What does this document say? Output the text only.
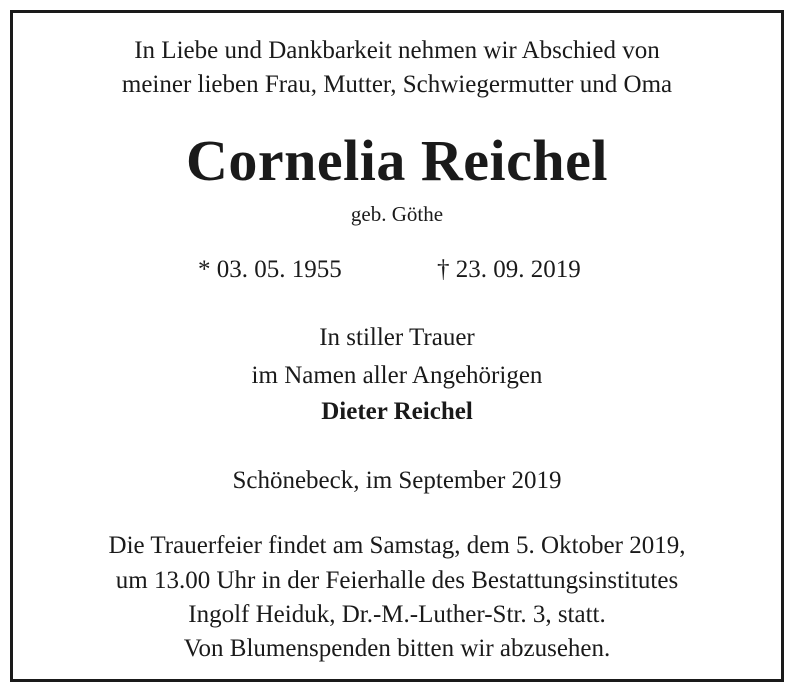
In Liebe und Dankbarkeit nehmen wir Abschied von
meiner lieben Frau, Mutter, Schwiegermutter und Oma
Cornelia Reichel
geb. Göthe
* 03. 05. 1955	† 23. 09. 2019
In stiller Trauer
im Namen aller Angehörigen
Dieter Reichel
Schönebeck, im September 2019
Die Trauerfeier findet am Samstag, dem 5. Oktober 2019,
um 13.00 Uhr in der Feierhalle des Bestattungsinstitutes
Ingolf Heiduk, Dr.-M.-Luther-Str. 3, statt.
Von Blumenspenden bitten wir abzusehen.
